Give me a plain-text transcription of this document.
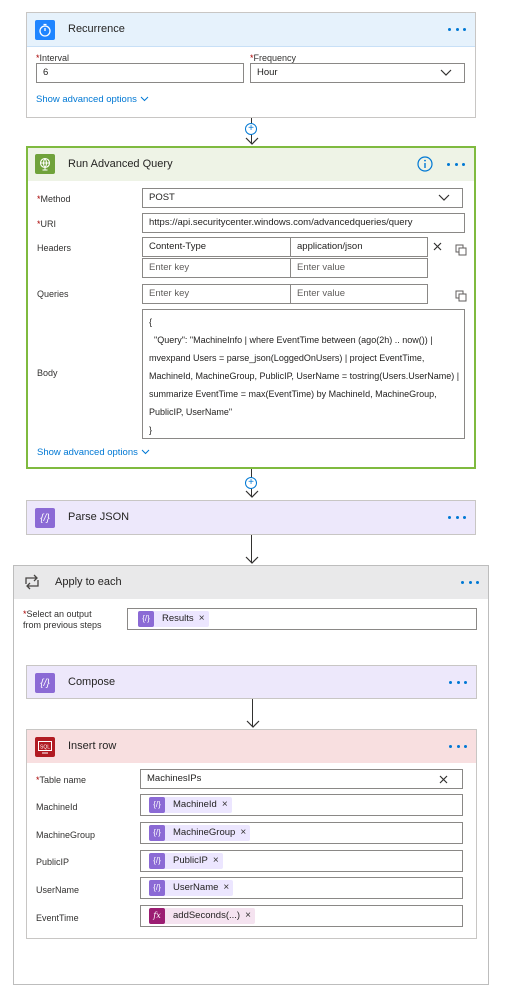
Recurrence
*Interval
6
*Frequency
Hour
Show advanced options
+
Run Advanced Query
*Method	POST
*URI	https://api.securitycenter.windows.com/advancedqueries/query
Headers	Content-Type	application/json
Enter key	Enter value
Queries	Enter key	Enter value
Body
{
"Query": "MachineInfo | where EventTime between (ago(2h) .. now()) |
mvexpand Users = parse_json(LoggedOnUsers) | project EventTime,
MachineId, MachineGroup, PublicIP, UserName = tostring(Users.UserName) |
summarize EventTime = max(EventTime) by MachineId, MachineGroup,
PublicIP, UserName"
}
Show advanced options
+
{/}	Parse JSON
Apply to each
*Select an output
from previous steps
{/}	Results ×
{/}	Compose
SQL Insert row
*Table name	MachinesIPs
MachineId	{/}	MachineId ×
MachineGroup	{/}	MachineGroup ×
PublicIP	{/}	PublicIP ×
UserName	{/}	UserName ×
EventTime	fx	addSeconds(...) ×
